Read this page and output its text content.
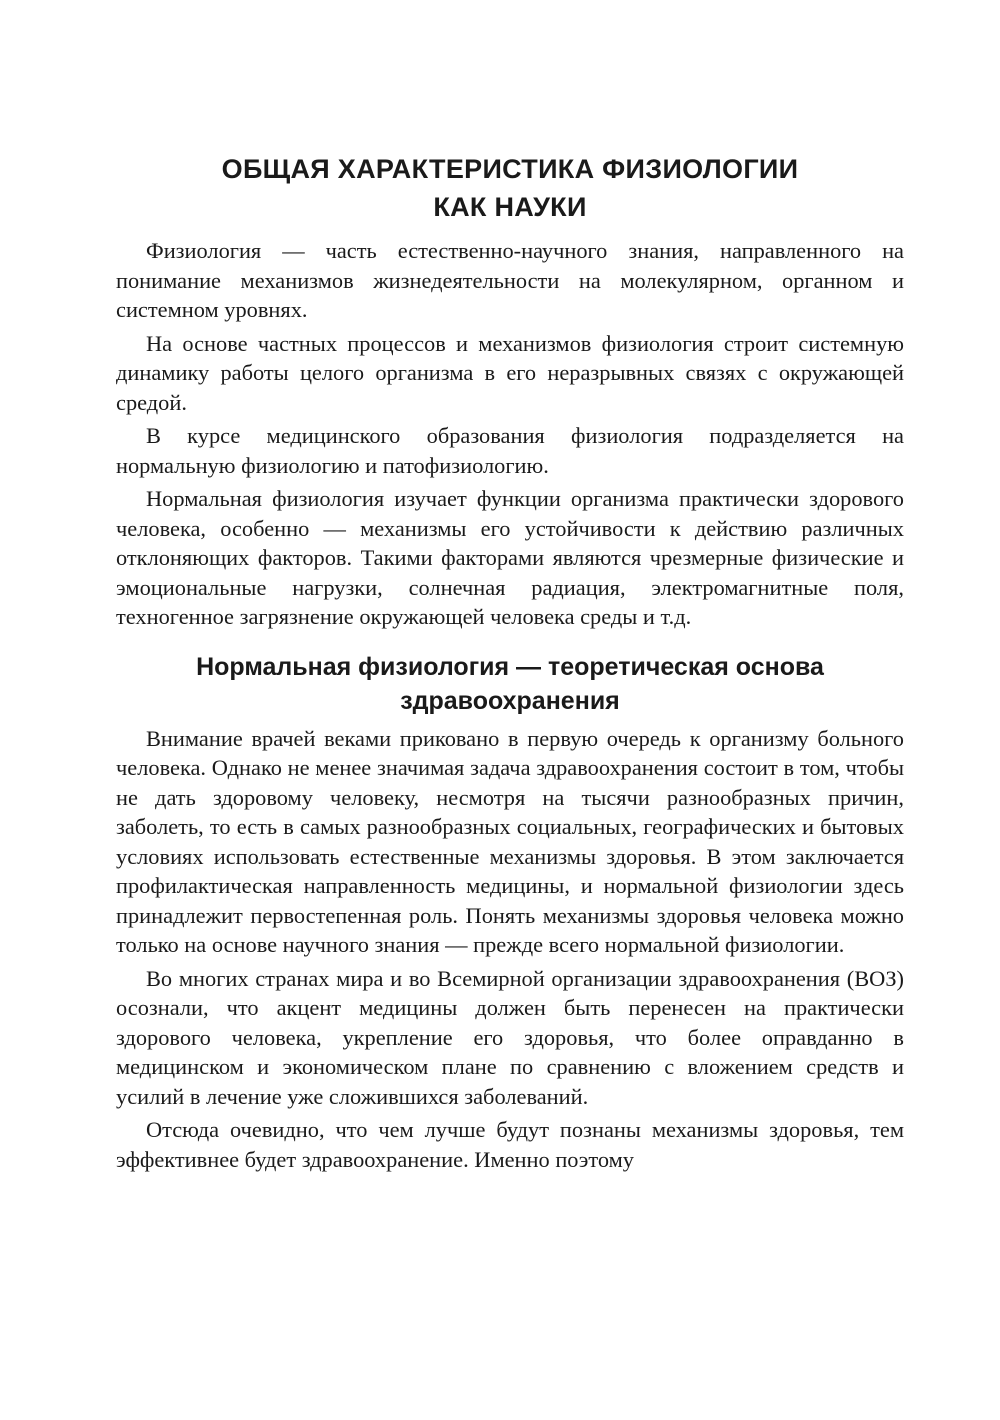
ОБЩАЯ ХАРАКТЕРИСТИКА ФИЗИОЛОГИИ
КАК НАУКИ

Физиология — часть естественно-научного знания, направленного на понимание механизмов жизнедеятельности на молекулярном, органном и системном уровнях.

На основе частных процессов и механизмов физиология строит системную динамику работы целого организма в его неразрывных связях с окружающей средой.

В курсе медицинского образования физиология подразделяется на нормальную физиологию и патофизиологию.

Нормальная физиология изучает функции организма практически здорового человека, особенно — механизмы его устойчивости к действию различных отклоняющих факторов. Такими факторами являются чрезмерные физические и эмоциональные нагрузки, солнечная радиация, электромагнитные поля, техногенное загрязнение окружающей человека среды и т.д.

Нормальная физиология — теоретическая основа
здравоохранения

Внимание врачей веками приковано в первую очередь к организму больного человека. Однако не менее значимая задача здравоохранения состоит в том, чтобы не дать здоровому человеку, несмотря на тысячи разнообразных причин, заболеть, то есть в самых разнообразных социальных, географических и бытовых условиях использовать естественные механизмы здоровья. В этом заключается профилактическая направленность медицины, и нормальной физиологии здесь принадлежит первостепенная роль. Понять механизмы здоровья человека можно только на основе научного знания — прежде всего нормальной физиологии.

Во многих странах мира и во Всемирной организации здравоохранения (ВОЗ) осознали, что акцент медицины должен быть перенесен на практически здорового человека, укрепление его здоровья, что более оправданно в медицинском и экономическом плане по сравнению с вложением средств и усилий в лечение уже сложившихся заболеваний.

Отсюда очевидно, что чем лучше будут познаны механизмы здоровья, тем эффективнее будет здравоохранение. Именно поэтому
